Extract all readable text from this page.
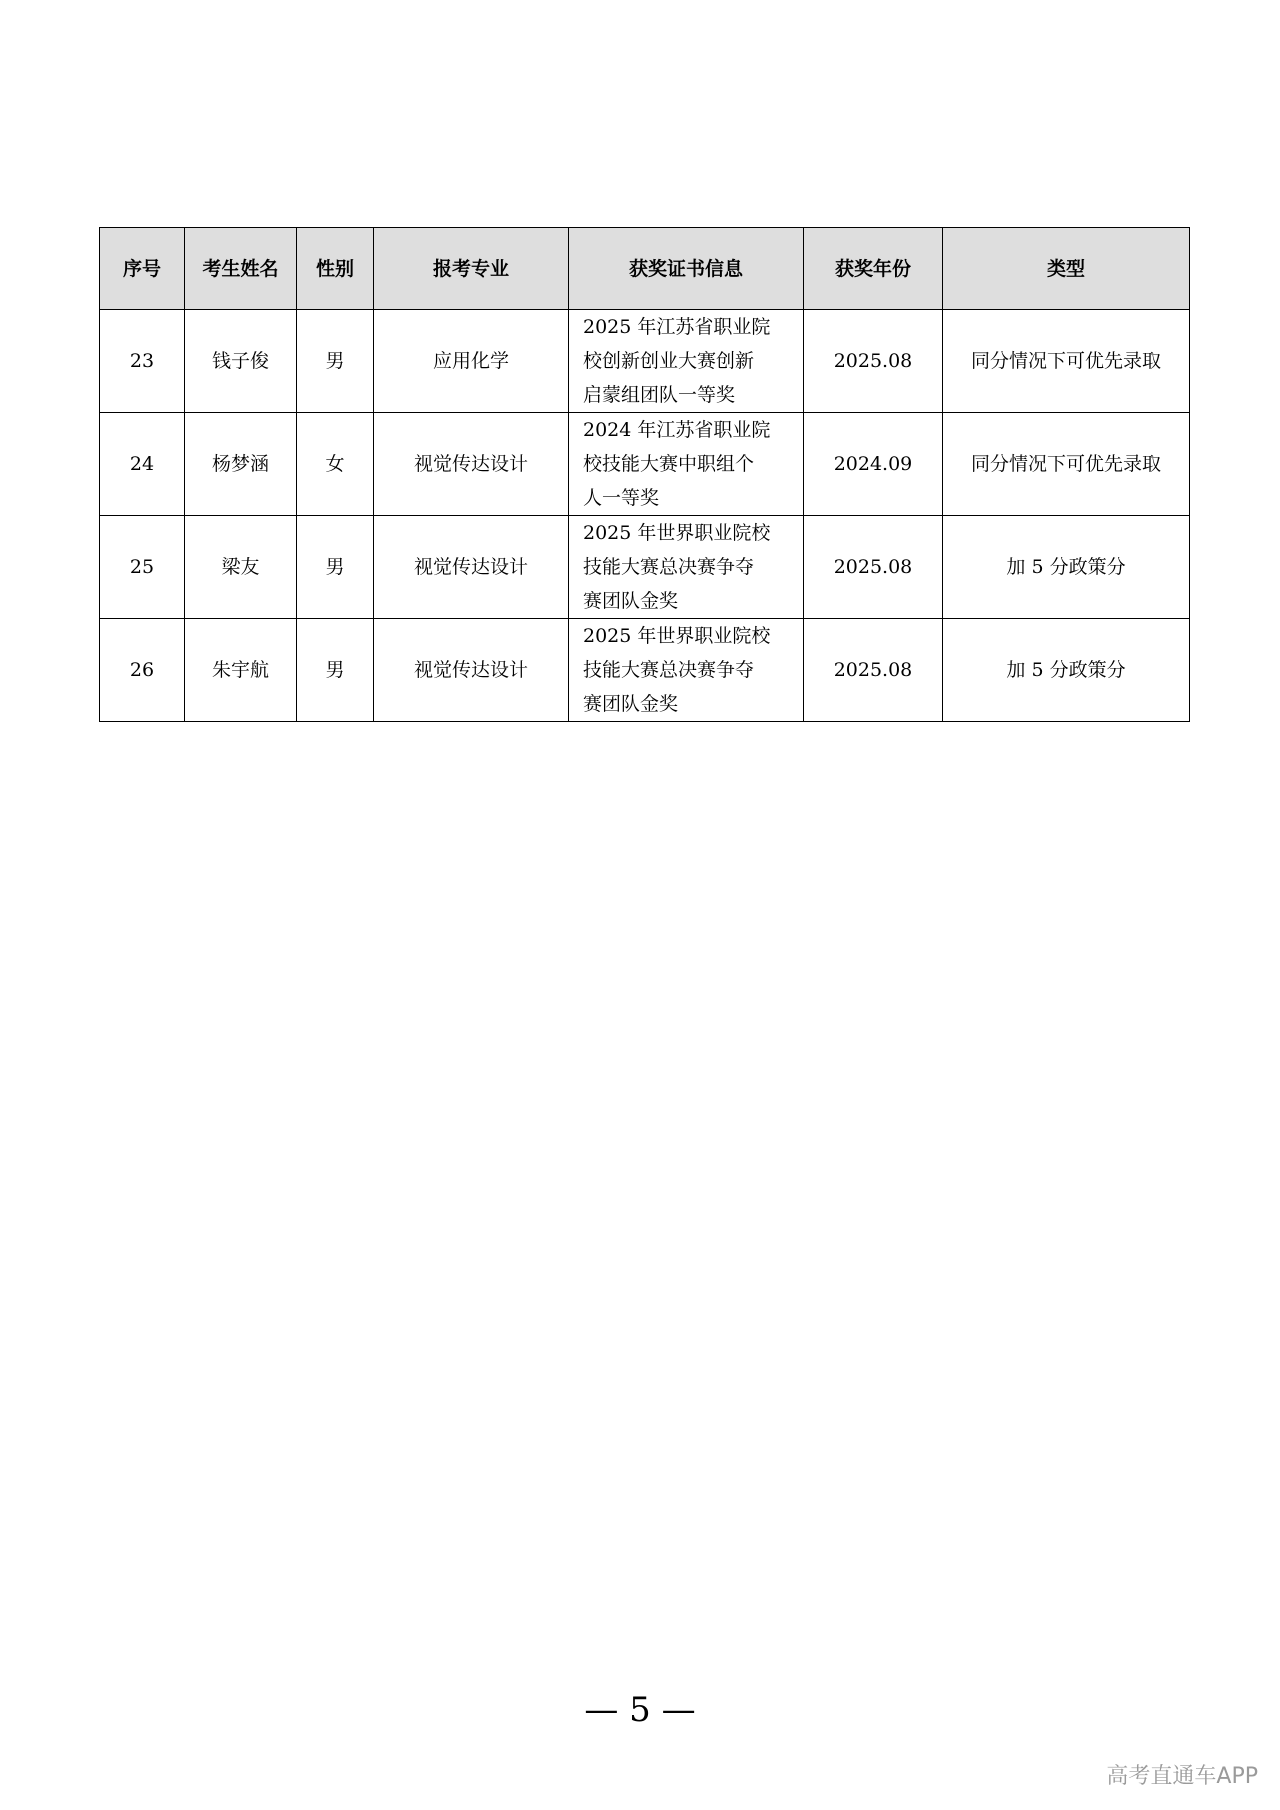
序号	考生姓名	性别	报考专业	获奖证书信息	获奖年份	类型
23	钱子俊	男	应用化学	2025 年江苏省职业院
校创新创业大赛创新
启蒙组团队一等奖	2025.08	同分情况下可优先录取
24	杨梦涵	女	视觉传达设计	2024 年江苏省职业院
校技能大赛中职组个
人一等奖	2024.09	同分情况下可优先录取
25	梁友	男	视觉传达设计	2025 年世界职业院校
技能大赛总决赛争夺
赛团队金奖	2025.08	加 5 分政策分
26	朱宇航	男	视觉传达设计	2025 年世界职业院校
技能大赛总决赛争夺
赛团队金奖	2025.08	加 5 分政策分
— 5 —
高考直通车APP
